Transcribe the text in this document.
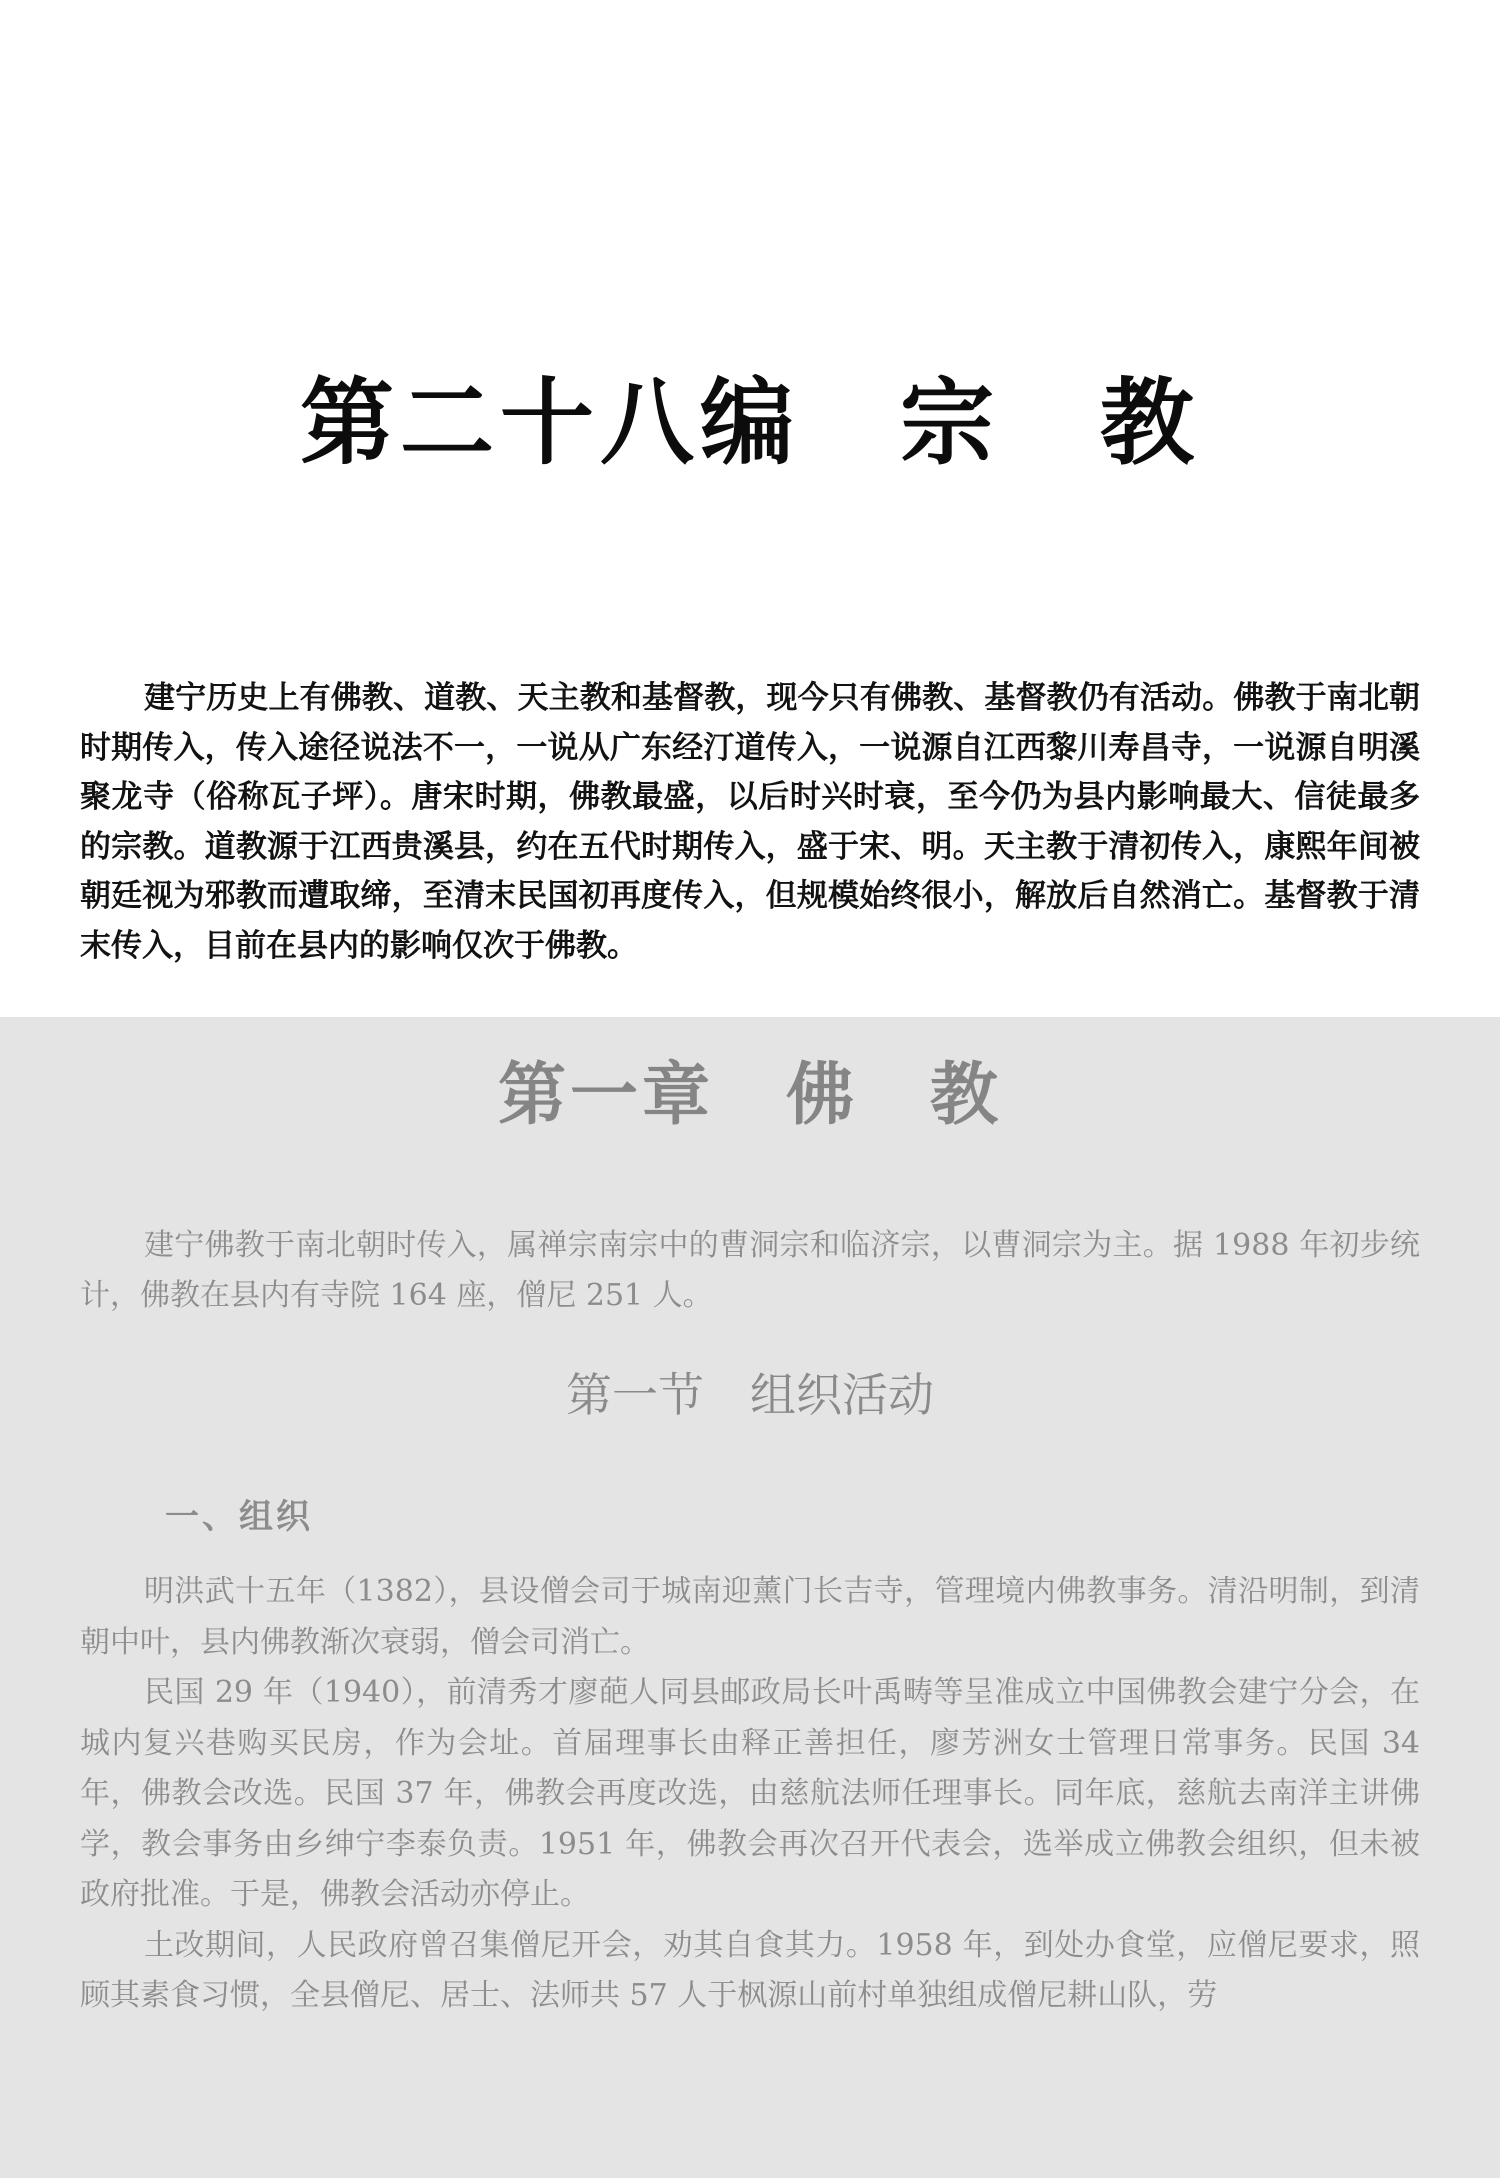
第二十八编　宗　教

建宁历史上有佛教、道教、天主教和基督教，现今只有佛教、基督教仍有活动。佛教于南北朝时期传入，传入途径说法不一，一说从广东经汀道传入，一说源自江西黎川寿昌寺，一说源自明溪聚龙寺（俗称瓦子坪）。唐宋时期，佛教最盛，以后时兴时衰，至今仍为县内影响最大、信徒最多的宗教。道教源于江西贵溪县，约在五代时期传入，盛于宋、明。天主教于清初传入，康熙年间被朝廷视为邪教而遭取缔，至清末民国初再度传入，但规模始终很小，解放后自然消亡。基督教于清末传入，目前在县内的影响仅次于佛教。

第一章　佛　教

建宁佛教于南北朝时传入，属禅宗南宗中的曹洞宗和临济宗，以曹洞宗为主。据 1988 年初步统计，佛教在县内有寺院 164 座，僧尼 251 人。

第一节　组织活动
一、组织

明洪武十五年（1382），县设僧会司于城南迎薰门长吉寺，管理境内佛教事务。清沿明制，到清朝中叶，县内佛教渐次衰弱，僧会司消亡。

民国 29 年（1940），前清秀才廖葩人同县邮政局长叶禹畴等呈准成立中国佛教会建宁分会，在城内复兴巷购买民房，作为会址。首届理事长由释正善担任，廖芳洲女士管理日常事务。民国 34 年，佛教会改选。民国 37 年，佛教会再度改选，由慈航法师任理事长。同年底，慈航去南洋主讲佛学，教会事务由乡绅宁李泰负责。1951 年，佛教会再次召开代表会，选举成立佛教会组织，但未被政府批准。于是，佛教会活动亦停止。

土改期间，人民政府曾召集僧尼开会，劝其自食其力。1958 年，到处办食堂，应僧尼要求，照顾其素食习惯，全县僧尼、居士、法师共 57 人于枫源山前村单独组成僧尼耕山队，劳
